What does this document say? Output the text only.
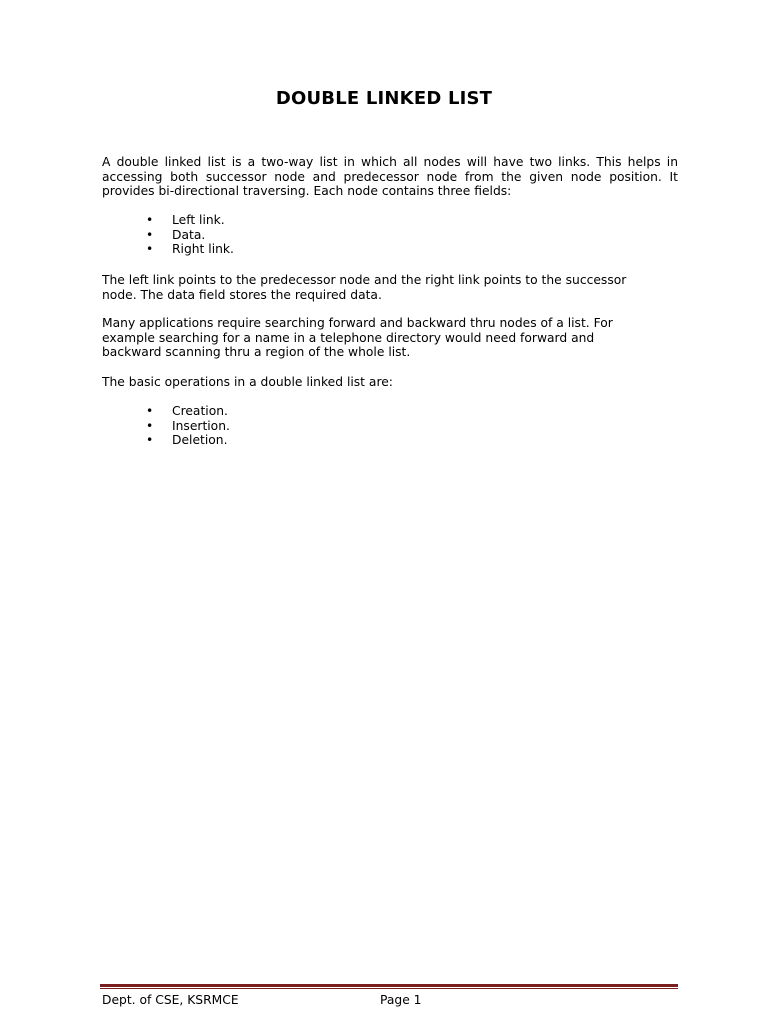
DOUBLE LINKED LIST

A double linked list is a two-way list in which all nodes will have two links. This helps in
accessing both successor node and predecessor node from the given node position. It
provides bi-directional traversing. Each node contains three fields:

• Left link.
• Data.
• Right link.

The left link points to the predecessor node and the right link points to the successor
node. The data field stores the required data.

Many applications require searching forward and backward thru nodes of a list. For
example searching for a name in a telephone directory would need forward and
backward scanning thru a region of the whole list.

The basic operations in a double linked list are:

• Creation.
• Insertion.
• Deletion.
Dept. of CSE, KSRMCE	Page 1
